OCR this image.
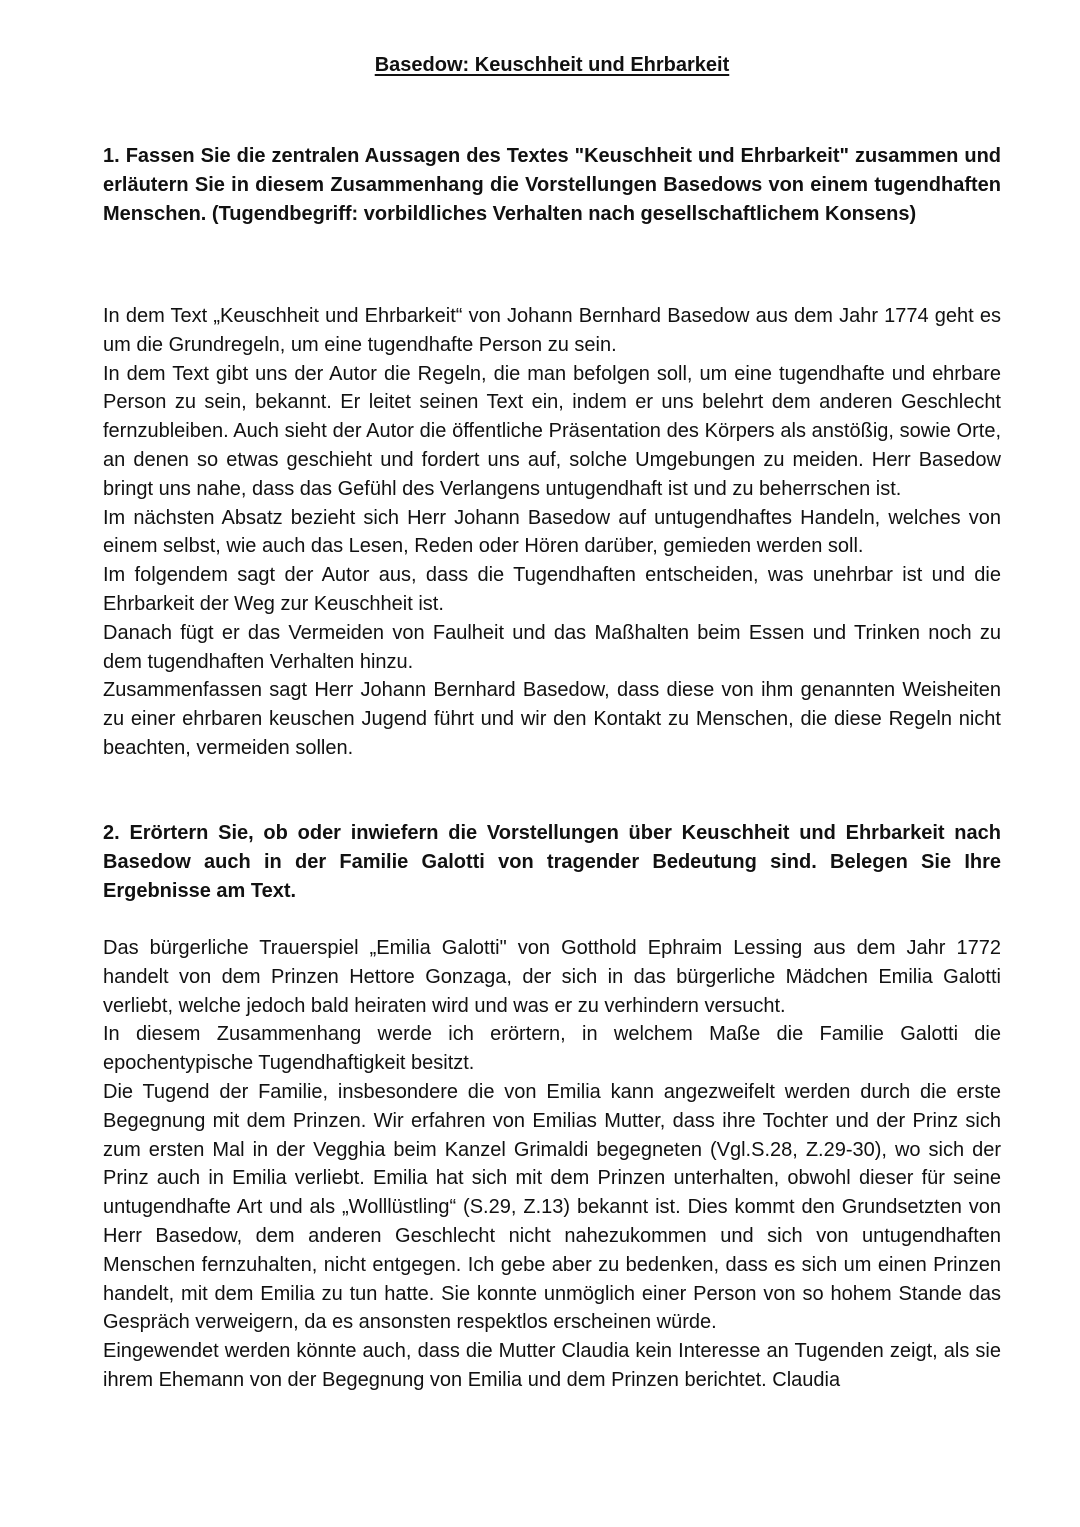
Basedow: Keuschheit und Ehrbarkeit
1. Fassen Sie die zentralen Aussagen des Textes "Keuschheit und Ehrbarkeit" zusammen und erläutern Sie in diesem Zusammenhang die Vorstellungen Basedows von einem tugendhaften Menschen. (Tugendbegriff: vorbildliches Verhalten nach gesellschaftlichem Konsens)

In dem Text „Keuschheit und Ehrbarkeit“ von Johann Bernhard Basedow aus dem Jahr 1774 geht es um die Grundregeln, um eine tugendhafte Person zu sein.

In dem Text gibt uns der Autor die Regeln, die man befolgen soll, um eine tugendhafte und ehrbare Person zu sein, bekannt. Er leitet seinen Text ein, indem er uns belehrt dem anderen Geschlecht fernzubleiben. Auch sieht der Autor die öffentliche Präsentation des Körpers als anstößig, sowie Orte, an denen so etwas geschieht und fordert uns auf, solche Umgebungen zu meiden. Herr Basedow bringt uns nahe, dass das Gefühl des Verlangens untugendhaft ist und zu beherrschen ist.

Im nächsten Absatz bezieht sich Herr Johann Basedow auf untugendhaftes Handeln, welches von einem selbst, wie auch das Lesen, Reden oder Hören darüber, gemieden werden soll.

Im folgendem sagt der Autor aus, dass die Tugendhaften entscheiden, was unehrbar ist und die Ehrbarkeit der Weg zur Keuschheit ist.

Danach fügt er das Vermeiden von Faulheit und das Maßhalten beim Essen und Trinken noch zu dem tugendhaften Verhalten hinzu.

Zusammenfassen sagt Herr Johann Bernhard Basedow, dass diese von ihm genannten Weisheiten zu einer ehrbaren keuschen Jugend führt und wir den Kontakt zu Menschen, die diese Regeln nicht beachten, vermeiden sollen.

2. Erörtern Sie, ob oder inwiefern die Vorstellungen über Keuschheit und Ehrbarkeit nach Basedow auch in der Familie Galotti von tragender Bedeutung sind. Belegen Sie Ihre Ergebnisse am Text.

Das bürgerliche Trauerspiel „Emilia Galotti" von Gotthold Ephraim Lessing aus dem Jahr 1772 handelt von dem Prinzen Hettore Gonzaga, der sich in das bürgerliche Mädchen Emilia Galotti verliebt, welche jedoch bald heiraten wird und was er zu verhindern versucht.

In diesem Zusammenhang werde ich erörtern, in welchem Maße die Familie Galotti die epochentypische Tugendhaftigkeit besitzt.

Die Tugend der Familie, insbesondere die von Emilia kann angezweifelt werden durch die erste Begegnung mit dem Prinzen. Wir erfahren von Emilias Mutter, dass ihre Tochter und der Prinz sich zum ersten Mal in der Vegghia beim Kanzel Grimaldi begegneten (Vgl.S.28, Z.29-30), wo sich der Prinz auch in Emilia verliebt. Emilia hat sich mit dem Prinzen unterhalten, obwohl dieser für seine untugendhafte Art und als „Wolllüstling“ (S.29, Z.13) bekannt ist. Dies kommt den Grundsetzten von Herr Basedow, dem anderen Geschlecht nicht nahezukommen und sich von untugendhaften Menschen fernzuhalten, nicht entgegen. Ich gebe aber zu bedenken, dass es sich um einen Prinzen handelt, mit dem Emilia zu tun hatte. Sie konnte unmöglich einer Person von so hohem Stande das Gespräch verweigern, da es ansonsten respektlos erscheinen würde.

Eingewendet werden könnte auch, dass die Mutter Claudia kein Interesse an Tugenden zeigt, als sie ihrem Ehemann von der Begegnung von Emilia und dem Prinzen berichtet. Claudia
